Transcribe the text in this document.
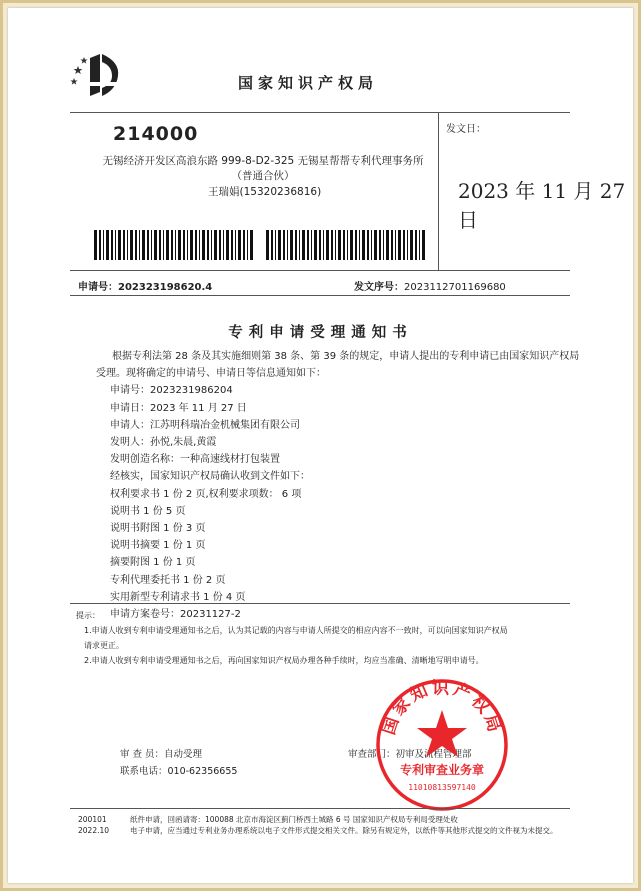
国家知识产权局
214000
无锡经济开发区高浪东路 999-8-D2-325 无锡星帮帮专利代理事务所（普通合伙）
王瑞娟(15320236816)
发文日：
2023 年 11 月 27 日
申请号：202323198620.4	发文序号：2023112701169680
专利申请受理通知书

根据专利法第 28 条及其实施细则第 38 条、第 39 条的规定，申请人提出的专利申请已由国家知识产权局受理。现将确定的申请号、申请日等信息通知如下：

申请号：2023231986204

申请日：2023 年 11 月 27 日

申请人：江苏明科瑞冶金机械集团有限公司

发明人：孙悦,朱晨,黄霞

发明创造名称：一种高速线材打包装置

经核实，国家知识产权局确认收到文件如下：

权利要求书 1 份 2 页,权利要求项数： 6 项

说明书 1 份 5 页

说明书附图 1 份 3 页

说明书摘要 1 份 1 页

摘要附图 1 份 1 页

专利代理委托书 1 份 2 页

实用新型专利请求书 1 份 4 页

申请方案卷号：20231127-2

提示：

1.申请人收到专利申请受理通知书之后，认为其记载的内容与申请人所提交的相应内容不一致时，可以向国家知识产权局

请求更正。

2.申请人收到专利申请受理通知书之后，再向国家知识产权局办理各种手续时，均应当准确、清晰地写明申请号。

审 查 员：自动受理
联系电话：010-62356655
审查部门：初审及流程管理部
国家知识产权局
专利审查业务章
11010813597140
200101	纸件申请，回函请寄：100088 北京市海淀区蓟门桥西土城路 6 号 国家知识产权局专利局受理处收
2022.10	电子申请，应当通过专利业务办理系统以电子文件形式提交相关文件。除另有规定外，以纸件等其他形式提交的文件视为未提交。
